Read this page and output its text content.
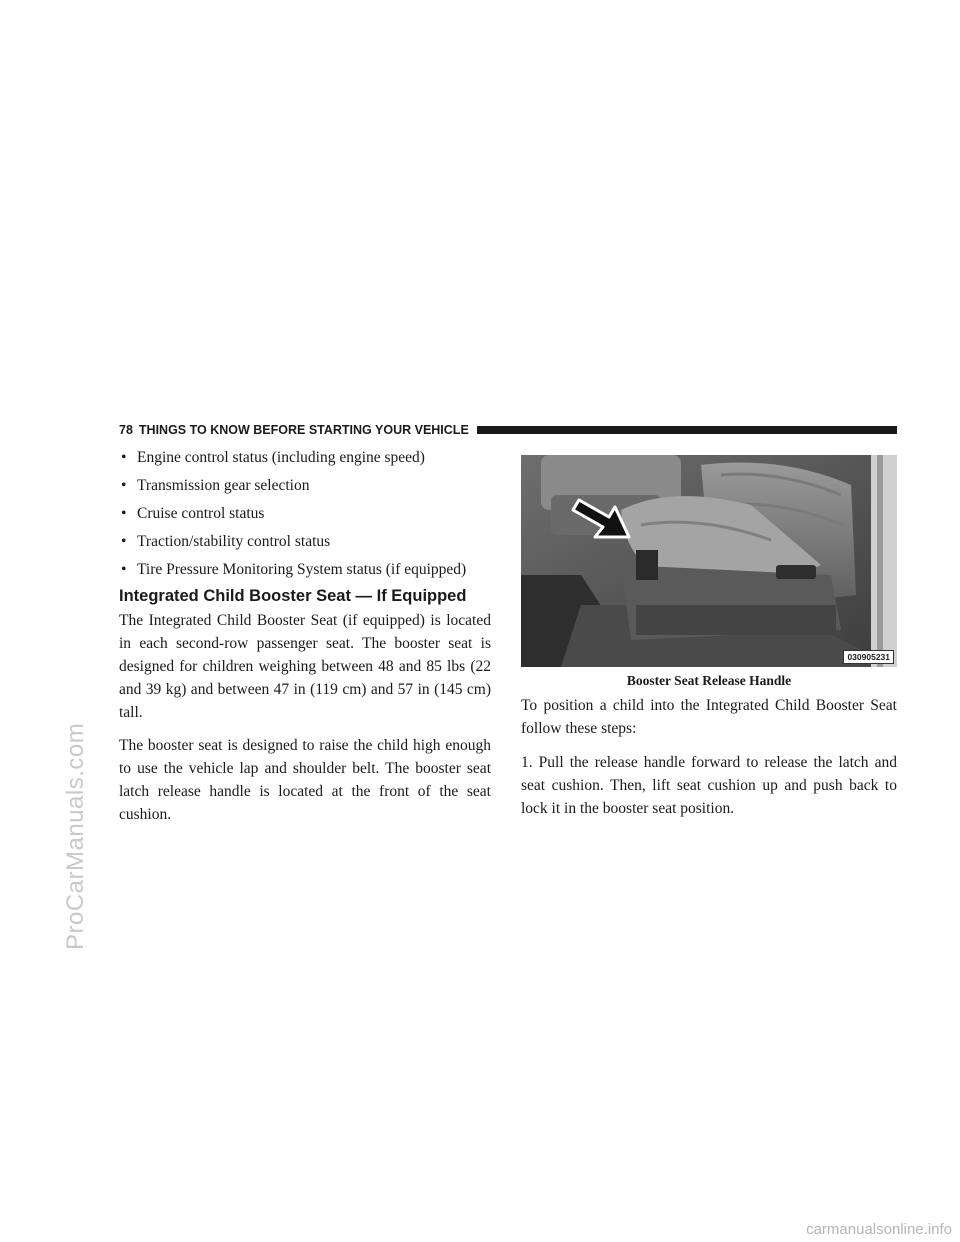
ProCarManuals.com
carmanualsonline.info
78 THINGS TO KNOW BEFORE STARTING YOUR VEHICLE
• Engine control status (including engine speed)
• Transmission gear selection
• Cruise control status
• Traction/stability control status
• Tire Pressure Monitoring System status (if equipped)
Integrated Child Booster Seat — If Equipped

The Integrated Child Booster Seat (if equipped) is located in each second-row passenger seat. The booster seat is designed for children weighing between 48 and 85 lbs (22 and 39 kg) and between 47 in (119 cm) and 57 in (145 cm) tall.

The booster seat is designed to raise the child high enough to use the vehicle lap and shoulder belt. The booster seat latch release handle is located at the front of the seat cushion.

030905231
Booster Seat Release Handle

To position a child into the Integrated Child Booster Seat follow these steps:

1. Pull the release handle forward to release the latch and seat cushion. Then, lift seat cushion up and push back to lock it in the booster seat position.
